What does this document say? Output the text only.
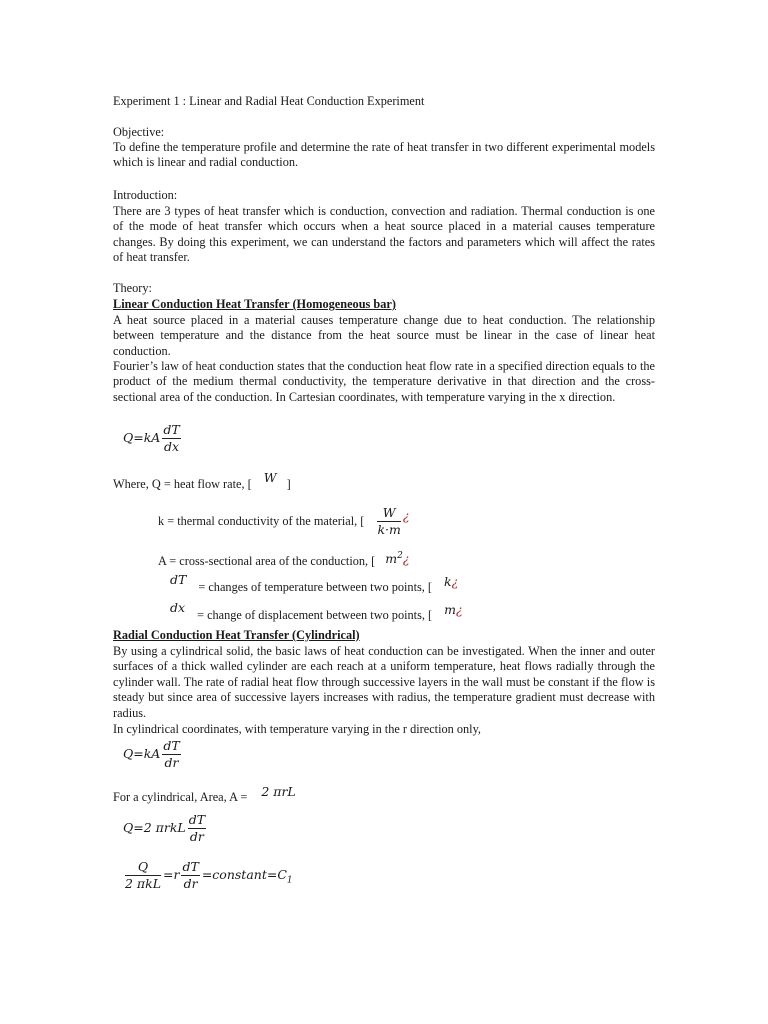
Experiment 1 : Linear and Radial Heat Conduction Experiment
Objective:
To define the temperature profile and determine the rate of heat transfer in two different experimental models which is linear and radial conduction.
Introduction:
There are 3 types of heat transfer which is conduction, convection and radiation. Thermal conduction is one of the mode of heat transfer which occurs when a heat source placed in a material causes temperature changes. By doing this experiment, we can understand the factors and parameters which will affect the rates of heat transfer.
Theory:
Linear Conduction Heat Transfer (Homogeneous bar)
A heat source placed in a material causes temperature change due to heat conduction. The relationship between temperature and the distance from the heat source must be linear in the case of linear heat conduction.
Fourier’s law of heat conduction states that the conduction heat flow rate in a specified direction equals to the product of the medium thermal conductivity, the temperature derivative in that direction and the cross-sectional area of the conduction. In Cartesian coordinates, with temperature varying in the x direction.
$Q=kA \frac{dT}{dx}$
Where, Q = heat flow rate, [ W ]
k = thermal conductivity of the material, [ $\frac{W}{k\cdot m}$ ¿
A = cross-sectional area of the conduction, [ $m^2¿$
dT = changes of temperature between two points, [ k¿
dx = change of displacement between two points, [ m¿
Radial Conduction Heat Transfer (Cylindrical)
By using a cylindrical solid, the basic laws of heat conduction can be investigated. When the inner and outer surfaces of a thick walled cylinder are each reach at a uniform temperature, heat flows radially through the cylinder wall. The rate of radial heat flow through successive layers in the wall must be constant if the flow is steady but since area of successive layers increases with radius, the temperature gradient must decrease with radius.
In cylindrical coordinates, with temperature varying in the r direction only,
$Q=kA \frac{dT}{dr}$
For a cylindrical, Area, A = 2 πrL
Q=2 πrkL $\frac{dT}{dr}$
$\frac{Q}{\text{2 πkL}} =r \frac{dT}{dr}$ $=constant=C_1$
